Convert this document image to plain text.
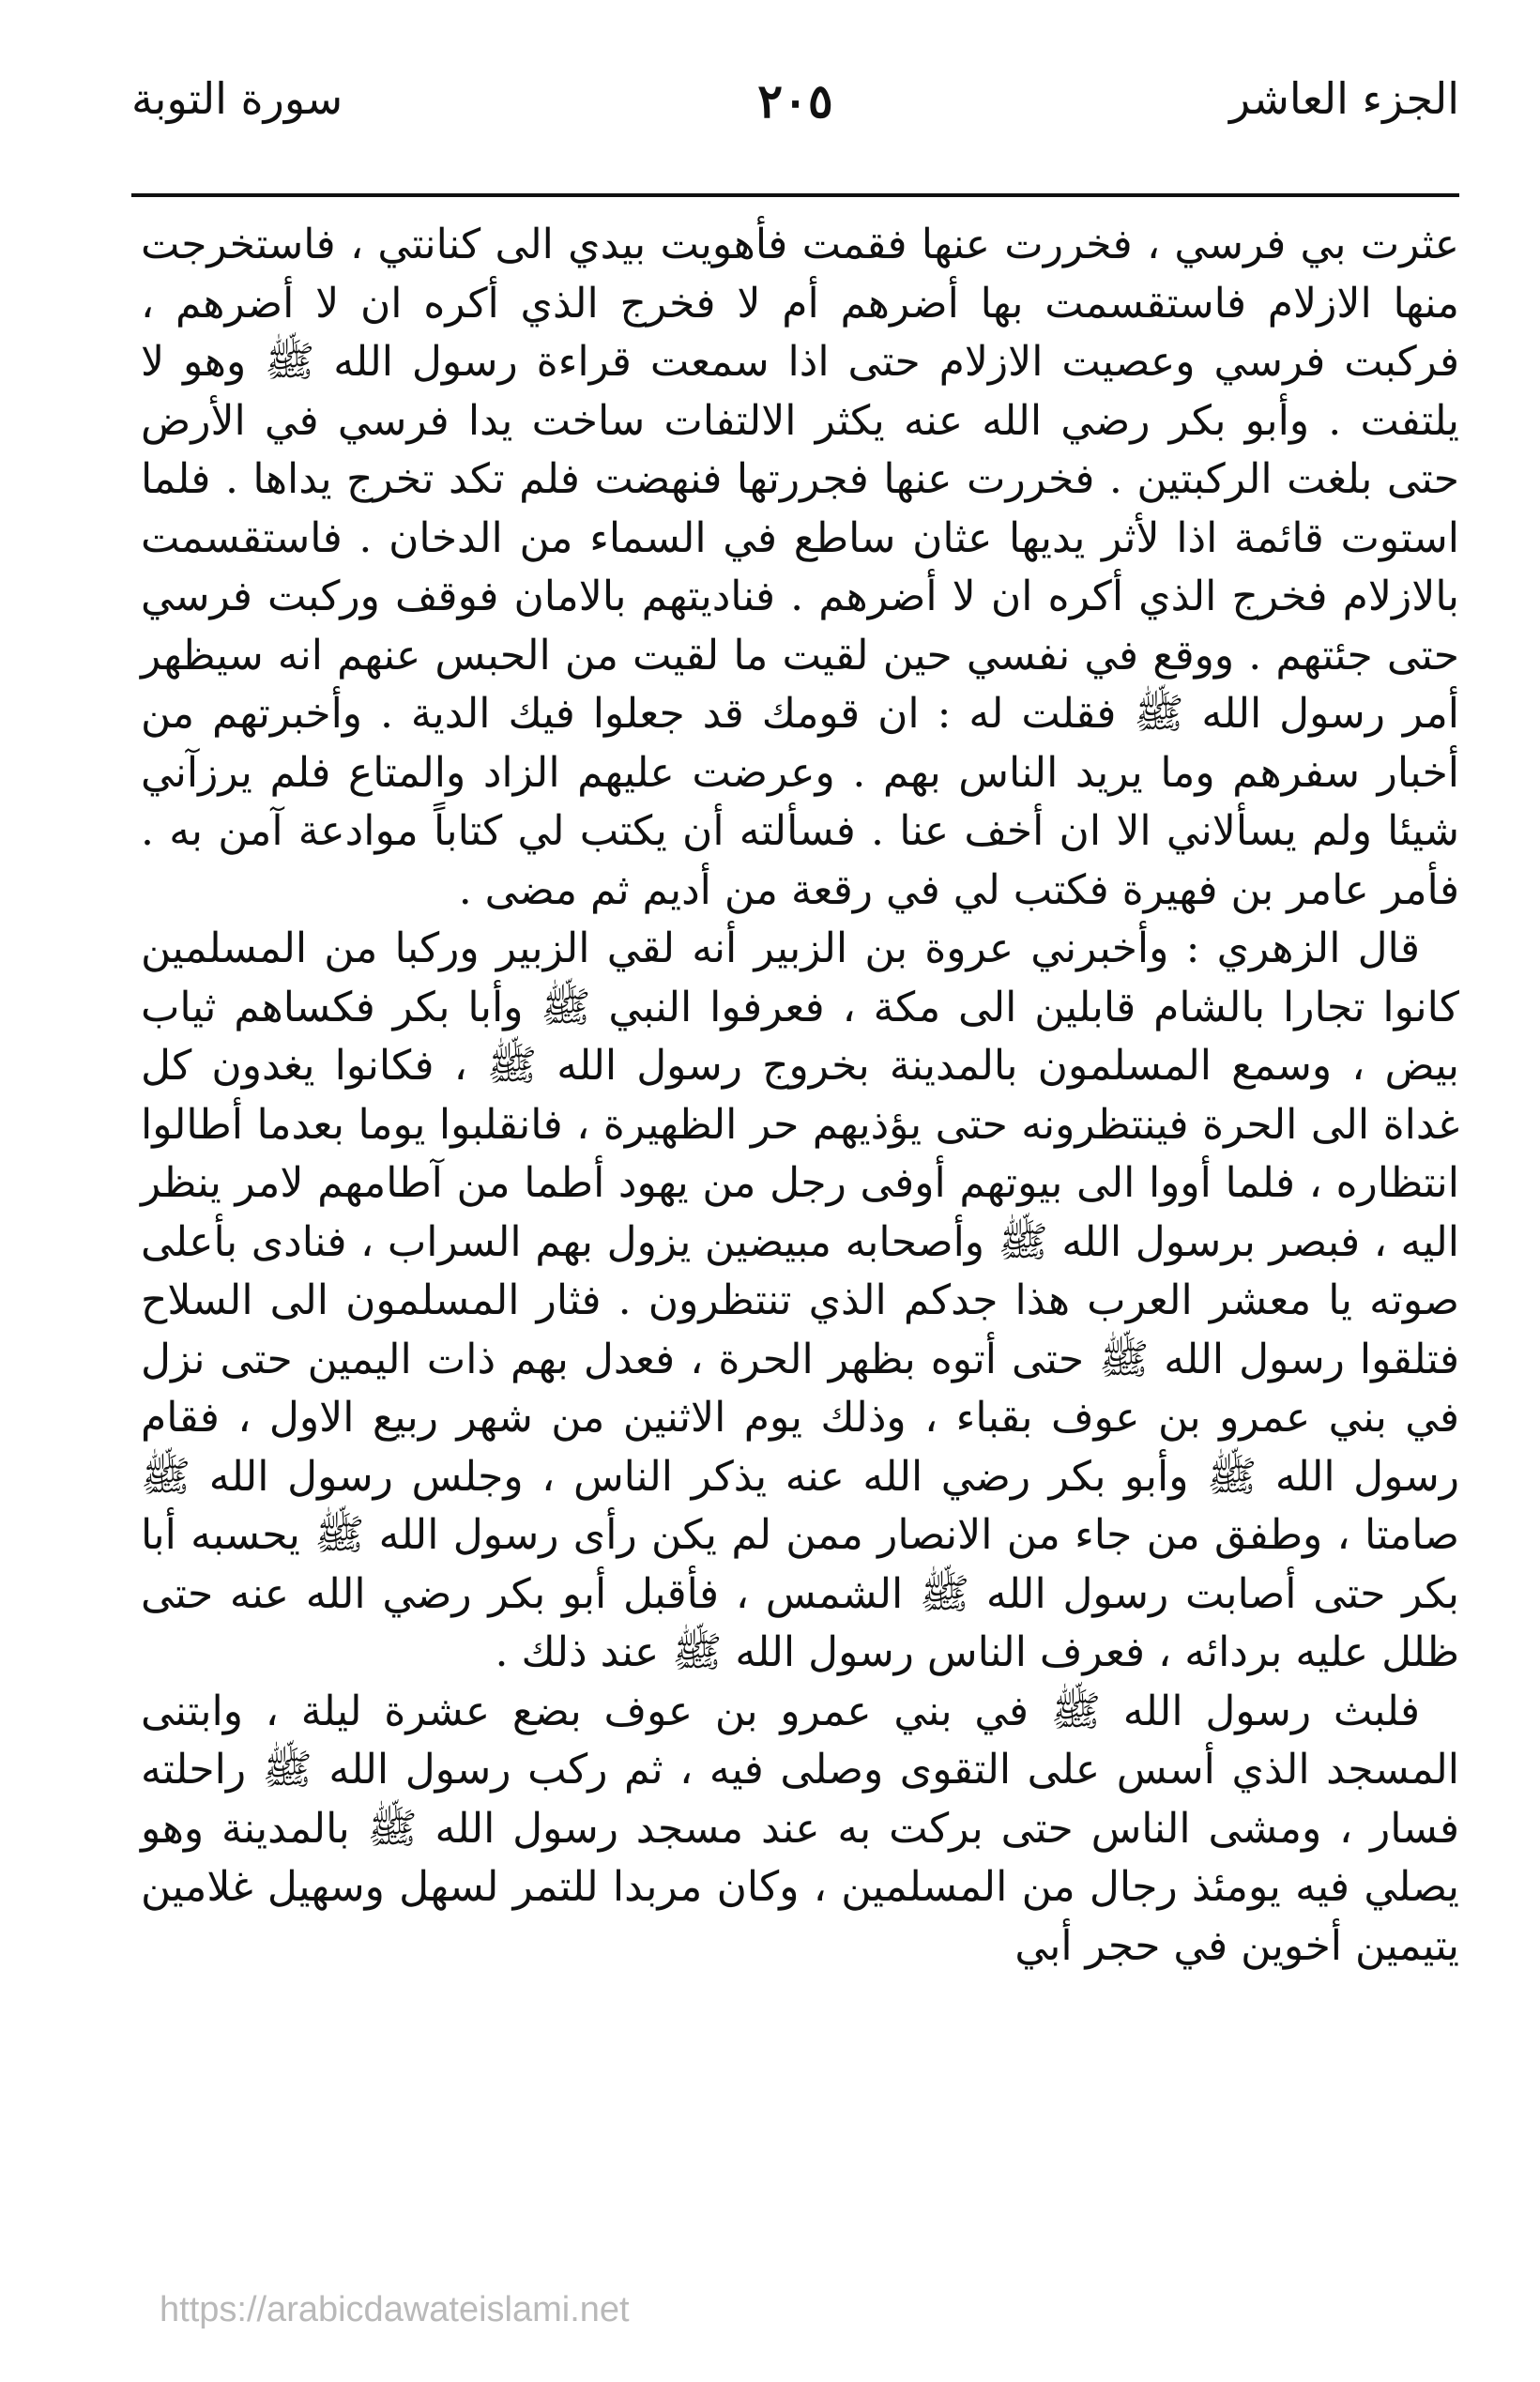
الجزء العاشر
٢٠٥
سورة التوبة

عثرت بي فرسي ، فخررت عنها فقمت فأهويت بيدي الى كنانتي ، فاستخرجت منها الازلام فاستقسمت بها أضرهم أم لا فخرج الذي أكره ان لا أضرهم ، فركبت فرسي وعصيت الازلام حتى اذا سمعت قراءة رسول الله ﷺ وهو لا يلتفت . وأبو بكر رضي الله عنه يكثر الالتفات ساخت يدا فرسي في الأرض حتى بلغت الركبتين . فخررت عنها فجررتها فنهضت فلم تكد تخرج يداها . فلما استوت قائمة اذا لأثر يديها عثان ساطع في السماء من الدخان . فاستقسمت بالازلام فخرج الذي أكره ان لا أضرهم . فناديتهم بالامان فوقف وركبت فرسي حتى جئتهم . ووقع في نفسي حين لقيت ما لقيت من الحبس عنهم انه سيظهر أمر رسول الله ﷺ فقلت له : ان قومك قد جعلوا فيك الدية . وأخبرتهم من أخبار سفرهم وما يريد الناس بهم . وعرضت عليهم الزاد والمتاع فلم يرزآني شيئا ولم يسألاني الا ان أخف عنا . فسألته أن يكتب لي كتاباً موادعة آمن به . فأمر عامر بن فهيرة فكتب لي في رقعة من أديم ثم مضى .

قال الزهري : وأخبرني عروة بن الزبير أنه لقي الزبير وركبا من المسلمين كانوا تجارا بالشام قابلين الى مكة ، فعرفوا النبي ﷺ وأبا بكر فكساهم ثياب بيض ، وسمع المسلمون بالمدينة بخروج رسول الله ﷺ ، فكانوا يغدون كل غداة الى الحرة فينتظرونه حتى يؤذيهم حر الظهيرة ، فانقلبوا يوما بعدما أطالوا انتظاره ، فلما أووا الى بيوتهم أوفى رجل من يهود أطما من آطامهم لامر ينظر اليه ، فبصر برسول الله ﷺ وأصحابه مبيضين يزول بهم السراب ، فنادى بأعلى صوته يا معشر العرب هذا جدكم الذي تنتظرون . فثار المسلمون الى السلاح فتلقوا رسول الله ﷺ حتى أتوه بظهر الحرة ، فعدل بهم ذات اليمين حتى نزل في بني عمرو بن عوف بقباء ، وذلك يوم الاثنين من شهر ربيع الاول ، فقام رسول الله ﷺ وأبو بكر رضي الله عنه يذكر الناس ، وجلس رسول الله ﷺ صامتا ، وطفق من جاء من الانصار ممن لم يكن رأى رسول الله ﷺ يحسبه أبا بكر حتى أصابت رسول الله ﷺ الشمس ، فأقبل أبو بكر رضي الله عنه حتى ظلل عليه بردائه ، فعرف الناس رسول الله ﷺ عند ذلك .

فلبث رسول الله ﷺ في بني عمرو بن عوف بضع عشرة ليلة ، وابتنى المسجد الذي أسس على التقوى وصلى فيه ، ثم ركب رسول الله ﷺ راحلته فسار ، ومشى الناس حتى بركت به عند مسجد رسول الله ﷺ بالمدينة وهو يصلي فيه يومئذ رجال من المسلمين ، وكان مربدا للتمر لسهل وسهيل غلامين يتيمين أخوين في حجر أبي

https://arabicdawateislami.net
